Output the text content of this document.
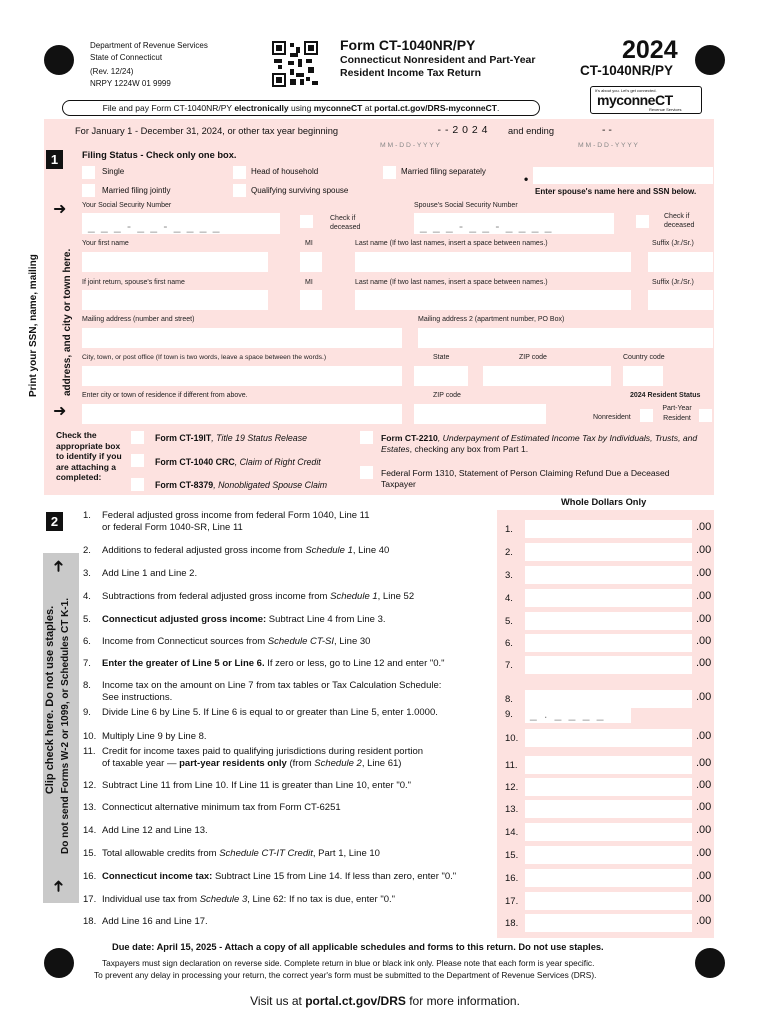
Department of Revenue Services
State of Connecticut
(Rev. 12/24)
NRPY 1224W 01 9999
Form CT-1040NR/PY
Connecticut Nonresident and Part-Year
Resident Income Tax Return
2024
CT-1040NR/PY
File and pay Form CT-1040NR/PY electronically using myconneCT at portal.ct.gov/DRS-myconneCT.
It's about you. Let's get connected.
myconneCT
Revenue Services
For January 1 - December 31, 2024, or other tax year beginning	- - 2 0 2 4
M M - D D - Y Y Y Y
and ending	- -
M M - D D - Y Y Y Y
1	Filing Status - Check only one box.
Single	Head of household	Married filing separately
•
Married filing jointly	Qualifying surviving spouse	Enter spouse's name here and SSN below.
➜ Your Social Security Number
_ _ _ - _ _ - _ _ _ _
Check if deceased
Spouse's Social Security Number
_ _ _ - _ _ - _ _ _ _
Check if deceased
Your first name	MI	Last name (If two last names, insert a space between names.)	Suffix (Jr./Sr.)
If joint return, spouse's first name	MI	Last name (If two last names, insert a space between names.)	Suffix (Jr./Sr.)
Mailing address (number and street)	Mailing address 2 (apartment number, PO Box)
City, town, or post office (If town is two words, leave a space between the words.)	State	ZIP code	Country code
➜
Enter city or town of residence if different from above.	ZIP code	2024 Resident Status
Nonresident
Part-Year Resident
Print your SSN, name, mailing address, and city or town here.
Check the appropriate box to identify if you are attaching a completed:
Form CT-19IT, Title 19 Status Release
Form CT-1040 CRC, Claim of Right Credit
Form CT-8379, Nonobligated Spouse Claim
Form CT-2210, Underpayment of Estimated Income Tax by Individuals, Trusts, and Estates, checking any box from Part 1.
Federal Form 1310, Statement of Person Claiming Refund Due a Deceased Taxpayer
Whole Dollars Only
2
➜
➜
Clip check here. Do not use staples. Do not send Forms W-2 or 1099, or Schedules CT K-1.
1. Federal adjusted gross income from federal Form 1040, Line 11
or federal Form 1040-SR, Line 11	1.	.00
2. Additions to federal adjusted gross income from Schedule 1, Line 40	2.	.00
3. Add Line 1 and Line 2.	3.	.00
4. Subtractions from federal adjusted gross income from Schedule 1, Line 52	4.	.00
5. Connecticut adjusted gross income: Subtract Line 4 from Line 3.	5.	.00
6. Income from Connecticut sources from Schedule CT-SI, Line 30	6.	.00
7. Enter the greater of Line 5 or Line 6. If zero or less, go to Line 12 and enter "0."	7.	.00
8. Income tax on the amount on Line 7 from tax tables or Tax Calculation Schedule:
See instructions.	8.	.00
9. Divide Line 6 by Line 5. If Line 6 is equal to or greater than Line 5, enter 1.0000.	9. _ . _ _ _ _
10. Multiply Line 9 by Line 8.	10.	.00
11. Credit for income taxes paid to qualifying jurisdictions during resident portion
of taxable year — part-year residents only (from Schedule 2, Line 61)	11.	.00
12. Subtract Line 11 from Line 10. If Line 11 is greater than Line 10, enter "0."	12.	.00
13. Connecticut alternative minimum tax from Form CT-6251	13.	.00
14. Add Line 12 and Line 13.	14.	.00
15. Total allowable credits from Schedule CT-IT Credit, Part 1, Line 10	15.	.00
16. Connecticut income tax: Subtract Line 15 from Line 14. If less than zero, enter "0."	16.	.00
17. Individual use tax from Schedule 3, Line 62: If no tax is due, enter "0."	17.	.00
18. Add Line 16 and Line 17.	18.	.00
Due date: April 15, 2025 - Attach a copy of all applicable schedules and forms to this return. Do not use staples.
Taxpayers must sign declaration on reverse side. Complete return in blue or black ink only. Please note that each form is year specific.
To prevent any delay in processing your return, the correct year's form must be submitted to the Department of Revenue Services (DRS).
Visit us at portal.ct.gov/DRS for more information.
